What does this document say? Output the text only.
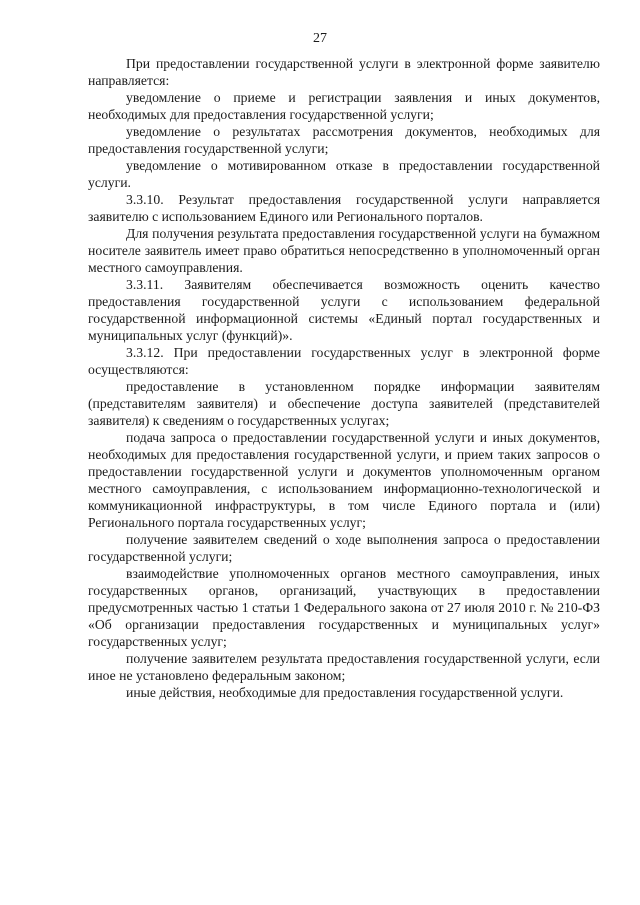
27

При предоставлении государственной услуги в электронной форме заявителю направляется:

уведомление о приеме и регистрации заявления и иных документов, необходимых для предоставления государственной услуги;

уведомление о результатах рассмотрения документов, необходимых для предоставления государственной услуги;

уведомление о мотивированном отказе в предоставлении государственной услуги.

3.3.10. Результат предоставления государственной услуги направляется заявителю с использованием Единого или Регионального порталов.

Для получения результата предоставления государственной услуги на бумажном носителе заявитель имеет право обратиться непосредственно в уполномоченный орган местного самоуправления.

3.3.11. Заявителям обеспечивается возможность оценить качество предоставления государственной услуги с использованием федеральной государственной информационной системы «Единый портал государственных и муниципальных услуг (функций)».

3.3.12. При предоставлении государственных услуг в электронной форме осуществляются:

предоставление в установленном порядке информации заявителям (представителям заявителя) и обеспечение доступа заявителей (представителей заявителя) к сведениям о государственных услугах;

подача запроса о предоставлении государственной услуги и иных документов, необходимых для предоставления государственной услуги, и прием таких запросов о предоставлении государственной услуги и документов уполномоченным органом местного самоуправления, с использованием информационно-технологической и коммуникационной инфраструктуры, в том числе Единого портала и (или) Регионального портала государственных услуг;

получение заявителем сведений о ходе выполнения запроса о предоставлении государственной услуги;

взаимодействие уполномоченных органов местного самоуправления, иных государственных органов, организаций, участвующих в предоставлении предусмотренных частью 1 статьи 1 Федерального закона от 27 июля 2010 г. № 210-ФЗ «Об организации предоставления государственных и муниципальных услуг» государственных услуг;

получение заявителем результата предоставления государственной услуги, если иное не установлено федеральным законом;

иные действия, необходимые для предоставления государственной услуги.
